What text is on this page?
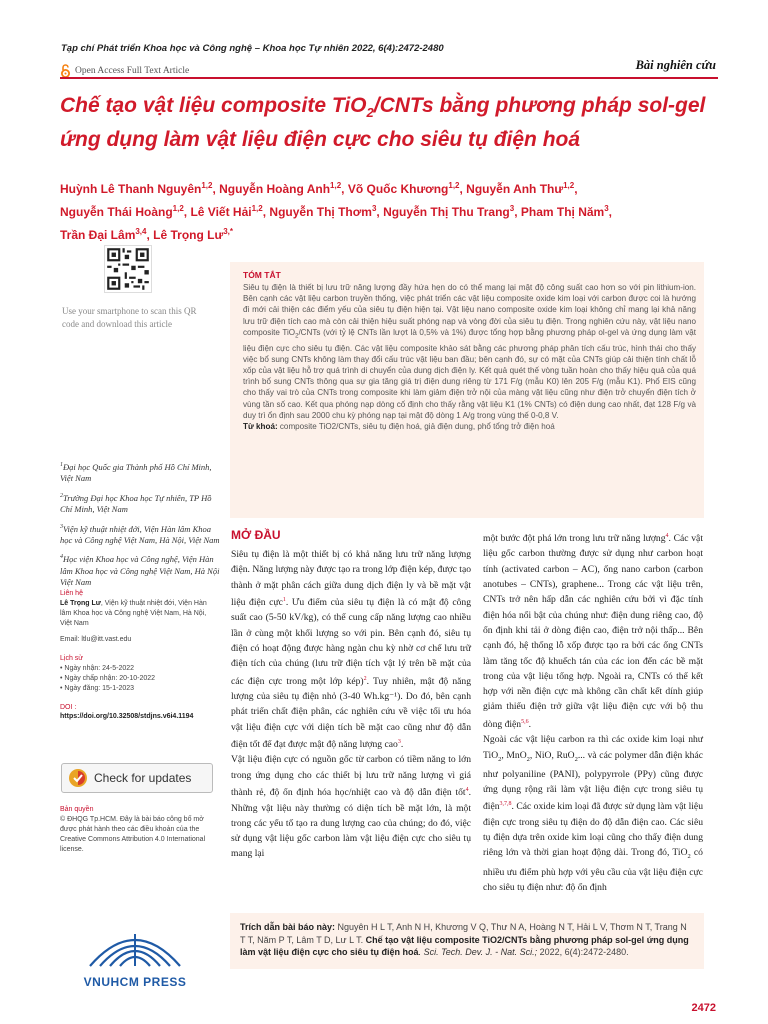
Tạp chí Phát triển Khoa học và Công nghệ – Khoa học Tự nhiên 2022, 6(4):2472-2480
Open Access Full Text Article	Bài nghiên cứu
Chế tạo vật liệu composite TiO$_2$/CNTs bằng phương pháp sol-gel
ứng dụng làm vật liệu điện cực cho siêu tụ điện hoá
Huỳnh Lê Thanh Nguyên$^{1,2}$, Nguyễn Hoàng Anh$^{1,2}$, Võ Quốc Khương$^{1,2}$, Nguyễn Anh Thư$^{1,2}$,
Nguyễn Thái Hoàng$^{1,2}$, Lê Viết Hải$^{1,2}$, Nguyễn Thị Thơm$^3$, Nguyễn Thị Thu Trang$^3$, Pham Thị Năm$^3$,
Trần Đại Lâm$^{3,4}$, Lê Trọng $Lư^{3,*}$
Use your smartphone to scan this QR code and download this article
$^1$Đại học Quốc gia Thành phố Hồ Chí Minh, Việt Nam
$^2$Trường Đại học Khoa học Tự nhiên, TP Hồ Chí Minh, Việt Nam
$^3$Viện kỹ thuật nhiệt đới, Viện Hàn lâm Khoa học và Công nghệ Việt Nam, Hà Nội, Việt Nam
$^4$Học viện Khoa học và Công nghệ, Viện Hàn lâm Khoa học và Công nghệ Việt Nam, Hà Nội Việt Nam
Liên hệ
Lê Trọng Lư, Viện kỹ thuật nhiệt đới, Viện Hàn lâm Khoa học và Công nghệ Việt Nam, Hà Nội, Việt Nam
Email: ltlu@itt.vast.edu
Lịch sử
• Ngày nhận: 24-5-2022
• Ngày chấp nhận: 20-10-2022
• Ngày đăng: 15-1-2023
DOI :
https://doi.org/10.32508/stdjns.v6i4.1194
Check for updates
Bản quyền
© ĐHQG Tp.HCM. Đây là bài báo công bố mở được phát hành theo các điều khoản của the Creative Commons Attribution 4.0 International license.
TÓM TẮT
Siêu tụ điện là thiết bị lưu trữ năng lượng đầy hứa hẹn do có thể mang lại mật độ công suất cao hơn so với pin lithium-ion. Bên cạnh các vật liệu carbon truyền thống, việc phát triển các vật liệu composite oxide kim loại với carbon được coi là hướng đi mới cải thiện các điểm yếu của siêu tụ điện hiện tại. Vật liệu nano composite oxide kim loại không chỉ mang lại khả năng lưu trữ điện tích cao mà còn cải thiện hiệu suất phóng nạp và vòng đời của siêu tụ điện. Trong nghiên cứu này, vật liệu nano composite TiO$_2$/CNTs (với tỷ lệ CNTs lần lượt là 0,5% và 1%) được tổng hợp bằng phương pháp ol-gel và ứng dụng làm vật liệu điện cực cho siêu tụ điện. Các vật liệu composite khảo sát bằng các phương pháp phân tích cấu trúc, hình thái cho thấy việc bổ sung CNTs không làm thay đổi cấu trúc vật liệu ban đầu; bên cạnh đó, sự có mặt của CNTs giúp cải thiện tính chất lỗ xốp của vật liệu hỗ trợ quá trình di chuyển của dung dịch điện ly. Kết quả quét thế vòng tuần hoàn cho thấy hiệu quả của quá trình bổ sung CNTs thông qua sự gia tăng giá trị điện dung riêng từ 171 F/g (mẫu K0) lên 205 F/g (mẫu K1). Phổ EIS cũng cho thấy vai trò của CNTs trong composite khi làm giảm điện trở nội của màng vật liệu cũng như điện trở chuyển điện tích ở vùng tần số cao. Kết qua phóng nạp dòng cố định cho thấy rằng vật liệu K1 (1% CNTs) có điện dung cao nhất, đạt 128 F/g và duy trì ổn định sau 2000 chu kỳ phóng nạp tại mật độ dòng 1 A/g trong vùng thế 0-0,8 V.
Từ khoá: composite TiO2/CNTs, siêu tụ điện hoá, giả điện dung, phổ tổng trở điện hoá
MỞ ĐẦU

Siêu tụ điện là một thiết bị có khả năng lưu trữ năng lượng điện. Năng lượng này được tạo ra trong lớp điện kép, được tạo thành ở mặt phân cách giữa dung dịch điện ly và bề mặt vật liệu điện cực$^1$. Ưu điểm của siêu tụ điện là có mật độ công suất cao (5-50 kV/kg), có thể cung cấp năng lượng cao nhiều lần ở cùng một khối lượng so với pin. Bên cạnh đó, siêu tụ điện có hoạt động được hàng ngàn chu kỳ nhờ cơ chế lưu trữ điện tích của chúng (lưu trữ điện tích vật lý trên bề mặt của các điện cực trong một lớp kép)$^2$. Tuy nhiên, mật độ năng lượng của siêu tụ điện nhỏ (3-40 Wh.kg⁻¹). Do đó, bên cạnh phát triển chất điện phân, các nghiên cứu về việc tối ưu hóa vật liệu điện cực với diện tích bề mặt cao cũng như độ dẫn điện tốt để đạt được mật độ năng lượng cao$^3$.

Vật liệu điện cực có nguồn gốc từ carbon có tiềm năng to lớn trong ứng dụng cho các thiết bị lưu trữ năng lượng vì giá thành rẻ, độ ổn định hóa học/nhiệt cao và độ dẫn điện tốt$^4$. Những vật liệu này thường có diện tích bề mặt lớn, là một trong các yếu tố tạo ra dung lượng cao của chúng; do đó, việc sử dụng vật liệu gốc carbon làm vật liệu điện cực cho siêu tụ mang lại

một bước đột phá lớn trong lưu trữ năng lượng$^4$. Các vật liệu gốc carbon thường được sử dụng như carbon hoạt tính (activated carbon – AC), ống nano carbon (carbon anotubes – CNTs), graphene... Trong các vật liệu trên, CNTs trở nên hấp dẫn các nghiên cứu bởi vì đặc tính điện hóa nổi bật của chúng như: điện dung riêng cao, độ ổn định khi tải ở dòng điện cao, điện trở nội thấp... Bên cạnh đó, hệ thống lỗ xốp được tạo ra bởi các ống CNTs làm tăng tốc độ khuếch tán của các ion đến các bề mặt trong của vật liệu tổng hợp. Ngoài ra, CNTs có thể kết hợp với nền điện cực mà không cần chất kết dính giúp giảm thiểu điện trở giữa vật liệu điện cực với bộ thu dòng điện$^{5,6}$.

Ngoài các vật liệu carbon ra thì các oxide kim loại như TiO$_2$, MnO$_2$, NiO, RuO$_2$... và các polymer dẫn điện khác như polyaniline (PANI), polypyrrole (PPy) cũng được ứng dụng rộng rãi làm vật liệu điện cực trong siêu tụ điện$^{3,7,8}$. Các oxide kim loại đã được sử dụng làm vật liệu điện cực trong siêu tụ điện do độ dẫn điện cao. Các siêu tụ điện dựa trên oxide kim loại cũng cho thấy điện dung riêng lớn và thời gian hoạt động dài. Trong đó, TiO$_2$ có nhiều ưu điểm phù hợp với yêu cầu của vật liệu điện cực cho siêu tụ điện như: độ ổn định

Trích dẫn bài báo này: Nguyên H L T, Anh N H, Khương V Q, Thư N A, Hoàng N T, Hải L V, Thơm N T, Trang N T T, Năm P T, Lâm T D, Lư L T. Chế tạo vật liệu composite TiO2/CNTs bằng phương pháp sol-gel ứng dụng làm vật liệu điện cực cho siêu tụ điện hoá. Sci. Tech. Dev. J. - Nat. Sci.; 2022, 6(4):2472-2480.
VNUHCM PRESS
2472
